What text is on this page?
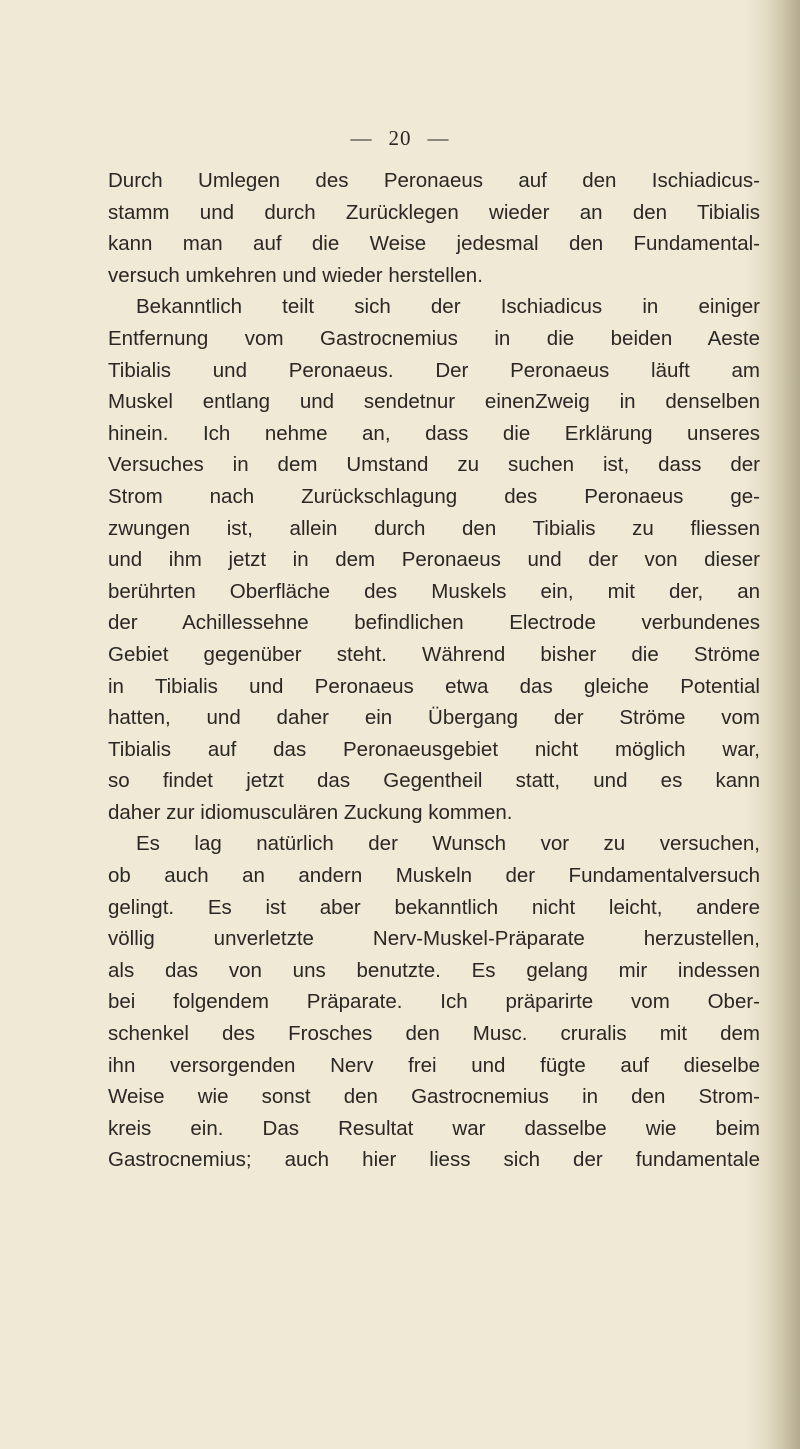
— 20 —
Durch Umlegen des Peronaeus auf den Ischiadicus-
stamm und durch Zurücklegen wieder an den Tibialis
kann man auf die Weise jedesmal den Fundamental-
versuch umkehren und wieder herstellen.
Bekanntlich teilt sich der Ischiadicus in einiger
Entfernung vom Gastrocnemius in die beiden Aeste
Tibialis und Peronaeus. Der Peronaeus läuft am
Muskel entlang und sendetnur einenZweig in denselben
hinein. Ich nehme an, dass die Erklärung unseres
Versuches in dem Umstand zu suchen ist, dass der
Strom nach Zurückschlagung des Peronaeus ge-
zwungen ist, allein durch den Tibialis zu fliessen
und ihm jetzt in dem Peronaeus und der von dieser
berührten Oberfläche des Muskels ein, mit der, an
der Achillessehne befindlichen Electrode verbundenes
Gebiet gegenüber steht. Während bisher die Ströme
in Tibialis und Peronaeus etwa das gleiche Potential
hatten, und daher ein Übergang der Ströme vom
Tibialis auf das Peronaeusgebiet nicht möglich war,
so findet jetzt das Gegentheil statt, und es kann
daher zur idiomusculären Zuckung kommen.
Es lag natürlich der Wunsch vor zu versuchen,
ob auch an andern Muskeln der Fundamentalversuch
gelingt. Es ist aber bekanntlich nicht leicht, andere
völlig unverletzte Nerv-Muskel-Präparate herzustellen,
als das von uns benutzte. Es gelang mir indessen
bei folgendem Präparate. Ich präparirte vom Ober-
schenkel des Frosches den Musc. cruralis mit dem
ihn versorgenden Nerv frei und fügte auf dieselbe
Weise wie sonst den Gastrocnemius in den Strom-
kreis ein. Das Resultat war dasselbe wie beim
Gastrocnemius; auch hier liess sich der fundamentale
